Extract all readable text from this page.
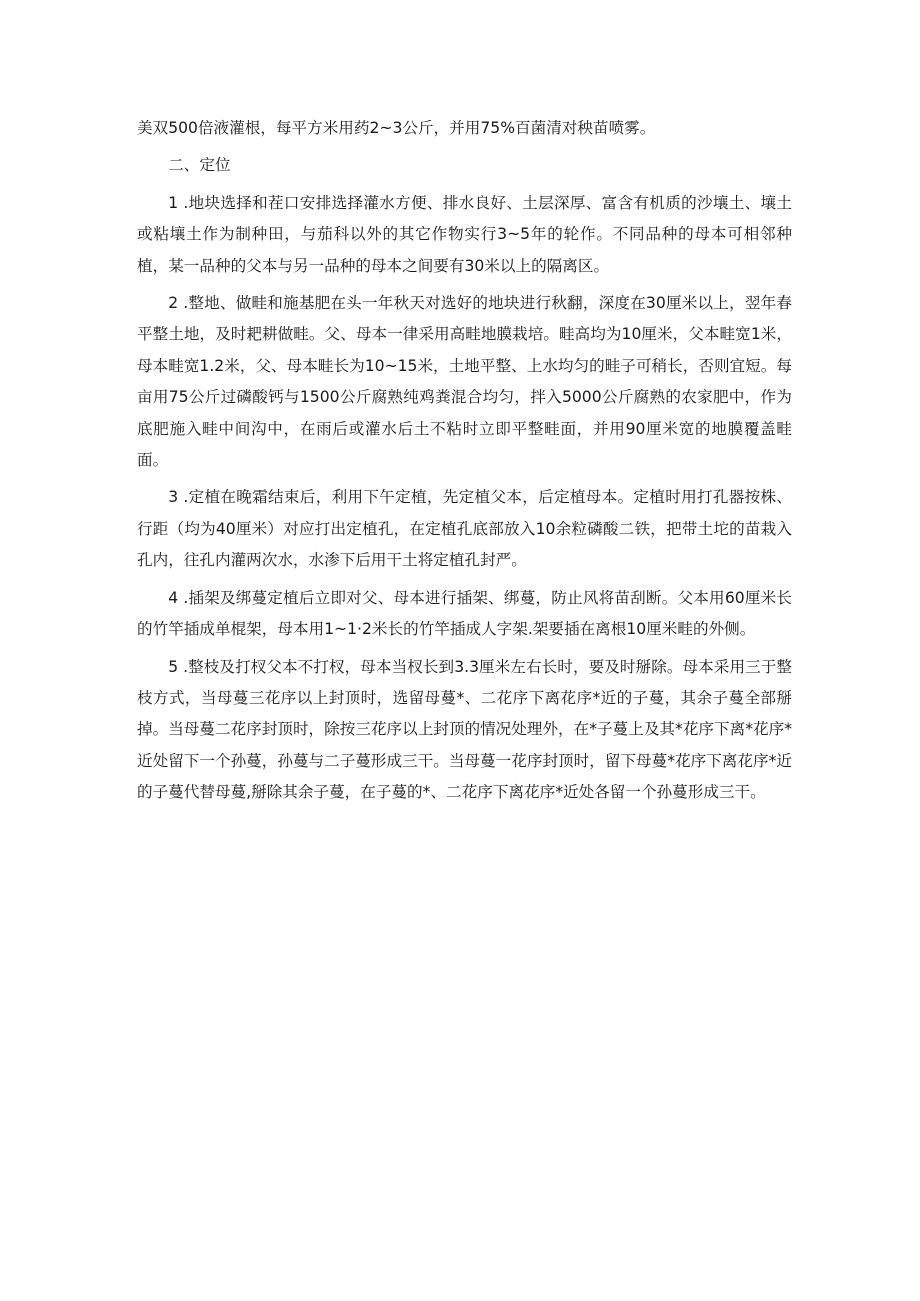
美双500倍液灌根，每平方米用药2~3公斤，并用75%百菌清对秧苗喷雾。

二、定位

1 .地块选择和茬口安排选择灌水方便、排水良好、土层深厚、富含有机质的沙壤土、壤土或粘壤土作为制种田，与茄科以外的其它作物实行3~5年的轮作。不同品种的母本可相邻种植，某一品种的父本与另一品种的母本之间要有30米以上的隔离区。

2 .整地、做畦和施基肥在头一年秋天对选好的地块进行秋翻，深度在30厘米以上，翌年春平整土地，及时耙耕做畦。父、母本一律采用高畦地膜栽培。畦高均为10厘米，父本畦宽1米，母本畦宽1.2米，父、母本畦长为10~15米，土地平整、上水均匀的畦子可稍长，否则宜短。每亩用75公斤过磷酸钙与1500公斤腐熟纯鸡粪混合均匀，拌入5000公斤腐熟的农家肥中，作为底肥施入畦中间沟中，在雨后或灌水后土不粘时立即平整畦面，并用90厘米宽的地膜覆盖畦面。

3 .定植在晚霜结束后，利用下午定植，先定植父本，后定植母本。定植时用打孔器按株、行距（均为40厘米）对应打出定植孔，在定植孔底部放入10余粒磷酸二铁，把带土坨的苗栽入孔内，往孔内灌两次水，水渗下后用干土将定植孔封严。

4 .插架及绑蔓定植后立即对父、母本进行插架、绑蔓，防止风将苗刮断。父本用60厘米长的竹竿插成单棍架，母本用1~1·2米长的竹竿插成人字架.架要插在离根10厘米畦的外侧。

5 .整枝及打杈父本不打杈，母本当杈长到3.3厘米左右长时，要及时掰除。母本采用三于整枝方式，当母蔓三花序以上封顶时，选留母蔓*、二花序下离花序*近的子蔓，其余子蔓全部掰掉。当母蔓二花序封顶时，除按三花序以上封顶的情况处理外，在*子蔓上及其*花序下离*花序*近处留下一个孙蔓，孙蔓与二子蔓形成三干。当母蔓一花序封顶时，留下母蔓*花序下离花序*近的子蔓代替母蔓,掰除其余子蔓，在子蔓的*、二花序下离花序*近处各留一个孙蔓形成三干。
